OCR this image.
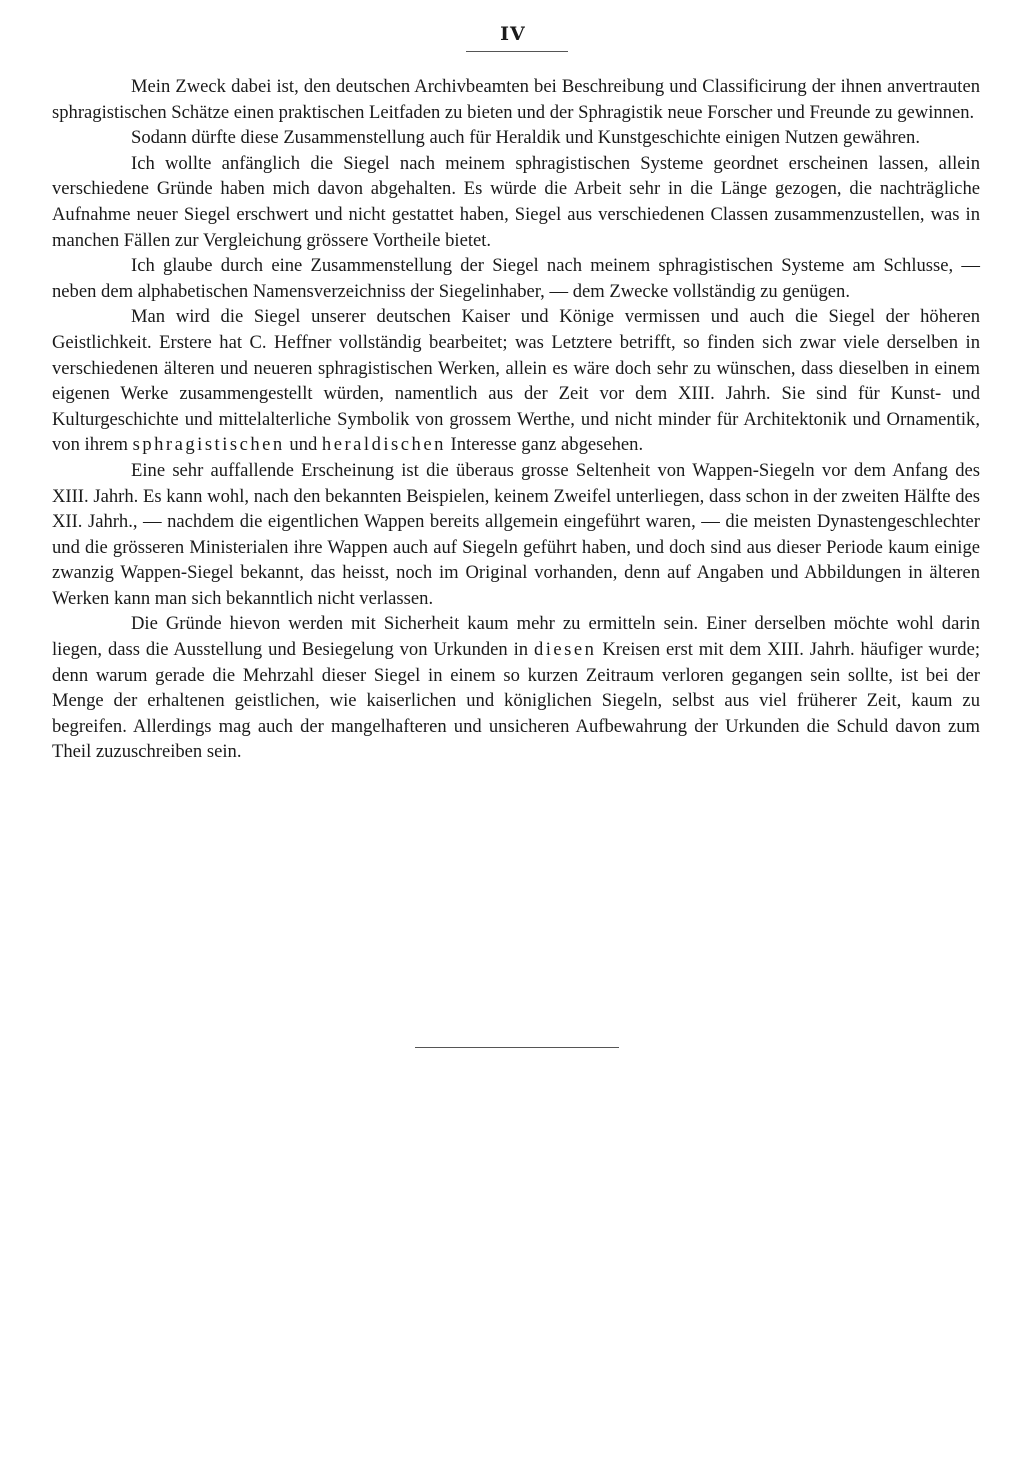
IV

Mein Zweck dabei ist, den deutschen Archivbeamten bei Beschreibung und Classificirung der ihnen anvertrauten sphragistischen Schätze einen praktischen Leitfaden zu bieten und der Sphragistik neue Forscher und Freunde zu gewinnen.

Sodann dürfte diese Zusammenstellung auch für Heraldik und Kunstgeschichte einigen Nutzen gewähren.

Ich wollte anfänglich die Siegel nach meinem sphragistischen Systeme geordnet erscheinen lassen, allein verschiedene Gründe haben mich davon abgehalten. Es würde die Arbeit sehr in die Länge gezogen, die nachträgliche Aufnahme neuer Siegel erschwert und nicht gestattet haben, Siegel aus verschiedenen Classen zusammenzustellen, was in manchen Fällen zur Vergleichung grössere Vortheile bietet.

Ich glaube durch eine Zusammenstellung der Siegel nach meinem sphragistischen Systeme am Schlusse, — neben dem alphabetischen Namensverzeichniss der Siegelinhaber, — dem Zwecke vollständig zu genügen.

Man wird die Siegel unserer deutschen Kaiser und Könige vermissen und auch die Siegel der höheren Geistlichkeit. Erstere hat C. Heffner vollständig bearbeitet; was Letztere betrifft, so finden sich zwar viele derselben in verschiedenen älteren und neueren sphragistischen Werken, allein es wäre doch sehr zu wünschen, dass dieselben in einem eigenen Werke zusammengestellt würden, namentlich aus der Zeit vor dem XIII. Jahrh. Sie sind für Kunst- und Kulturgeschichte und mittelalterliche Symbolik von grossem Werthe, und nicht minder für Architektonik und Ornamentik, von ihrem sphragistischen und heraldischen Interesse ganz abgesehen.

Eine sehr auffallende Erscheinung ist die überaus grosse Seltenheit von Wappen-Siegeln vor dem Anfang des XIII. Jahrh. Es kann wohl, nach den bekannten Beispielen, keinem Zweifel unterliegen, dass schon in der zweiten Hälfte des XII. Jahrh., — nachdem die eigentlichen Wappen bereits allgemein eingeführt waren, — die meisten Dynastengeschlechter und die grösseren Ministerialen ihre Wappen auch auf Siegeln geführt haben, und doch sind aus dieser Periode kaum einige zwanzig Wappen-Siegel bekannt, das heisst, noch im Original vorhanden, denn auf Angaben und Abbildungen in älteren Werken kann man sich bekanntlich nicht verlassen.

Die Gründe hievon werden mit Sicherheit kaum mehr zu ermitteln sein. Einer derselben möchte wohl darin liegen, dass die Ausstellung und Besiegelung von Urkunden in diesen Kreisen erst mit dem XIII. Jahrh. häufiger wurde; denn warum gerade die Mehrzahl dieser Siegel in einem so kurzen Zeitraum verloren gegangen sein sollte, ist bei der Menge der erhaltenen geistlichen, wie kaiserlichen und königlichen Siegeln, selbst aus viel früherer Zeit, kaum zu begreifen. Allerdings mag auch der mangelhafteren und unsicheren Aufbewahrung der Urkunden die Schuld davon zum Theil zuzuschreiben sein.
